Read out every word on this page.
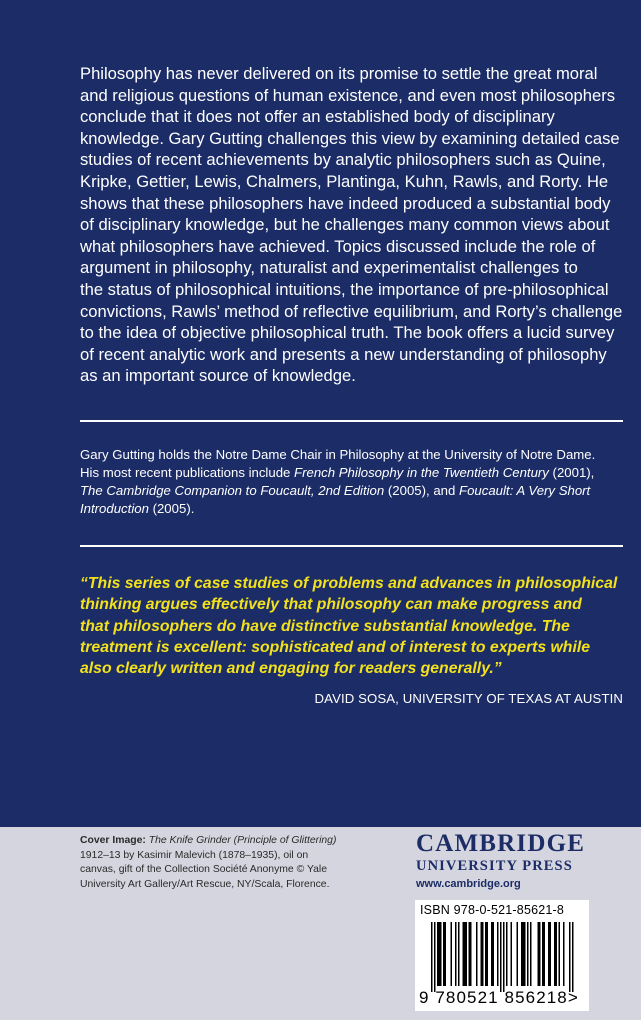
Philosophy has never delivered on its promise to settle the great moral
and religious questions of human existence, and even most philosophers
conclude that it does not offer an established body of disciplinary
knowledge. Gary Gutting challenges this view by examining detailed case
studies of recent achievements by analytic philosophers such as Quine,
Kripke, Gettier, Lewis, Chalmers, Plantinga, Kuhn, Rawls, and Rorty. He
shows that these philosophers have indeed produced a substantial body
of disciplinary knowledge, but he challenges many common views about
what philosophers have achieved. Topics discussed include the role of
argument in philosophy, naturalist and experimentalist challenges to
the status of philosophical intuitions, the importance of pre-philosophical
convictions, Rawls’ method of reflective equilibrium, and Rorty’s challenge
to the idea of objective philosophical truth. The book offers a lucid survey
of recent analytic work and presents a new understanding of philosophy
as an important source of knowledge.
Gary Gutting holds the Notre Dame Chair in Philosophy at the University of Notre Dame.
His most recent publications include French Philosophy in the Twentieth Century (2001),
The Cambridge Companion to Foucault, 2nd Edition (2005), and Foucault: A Very Short
Introduction (2005).
“This series of case studies of problems and advances in philosophical
thinking argues effectively that philosophy can make progress and
that philosophers do have distinctive substantial knowledge. The
treatment is excellent: sophisticated and of interest to experts while
also clearly written and engaging for readers generally.”
DAVID SOSA, UNIVERSITY OF TEXAS AT AUSTIN
Cover Image: The Knife Grinder (Principle of Glittering)
1912–13 by Kasimir Malevich (1878–1935), oil on
canvas, gift of the Collection Société Anonyme © Yale
University Art Gallery/Art Rescue, NY/Scala, Florence.
CAMBRIDGE
UNIVERSITY PRESS
www.cambridge.org
ISBN 978-0-521-85621-8
9 780521 856218>
